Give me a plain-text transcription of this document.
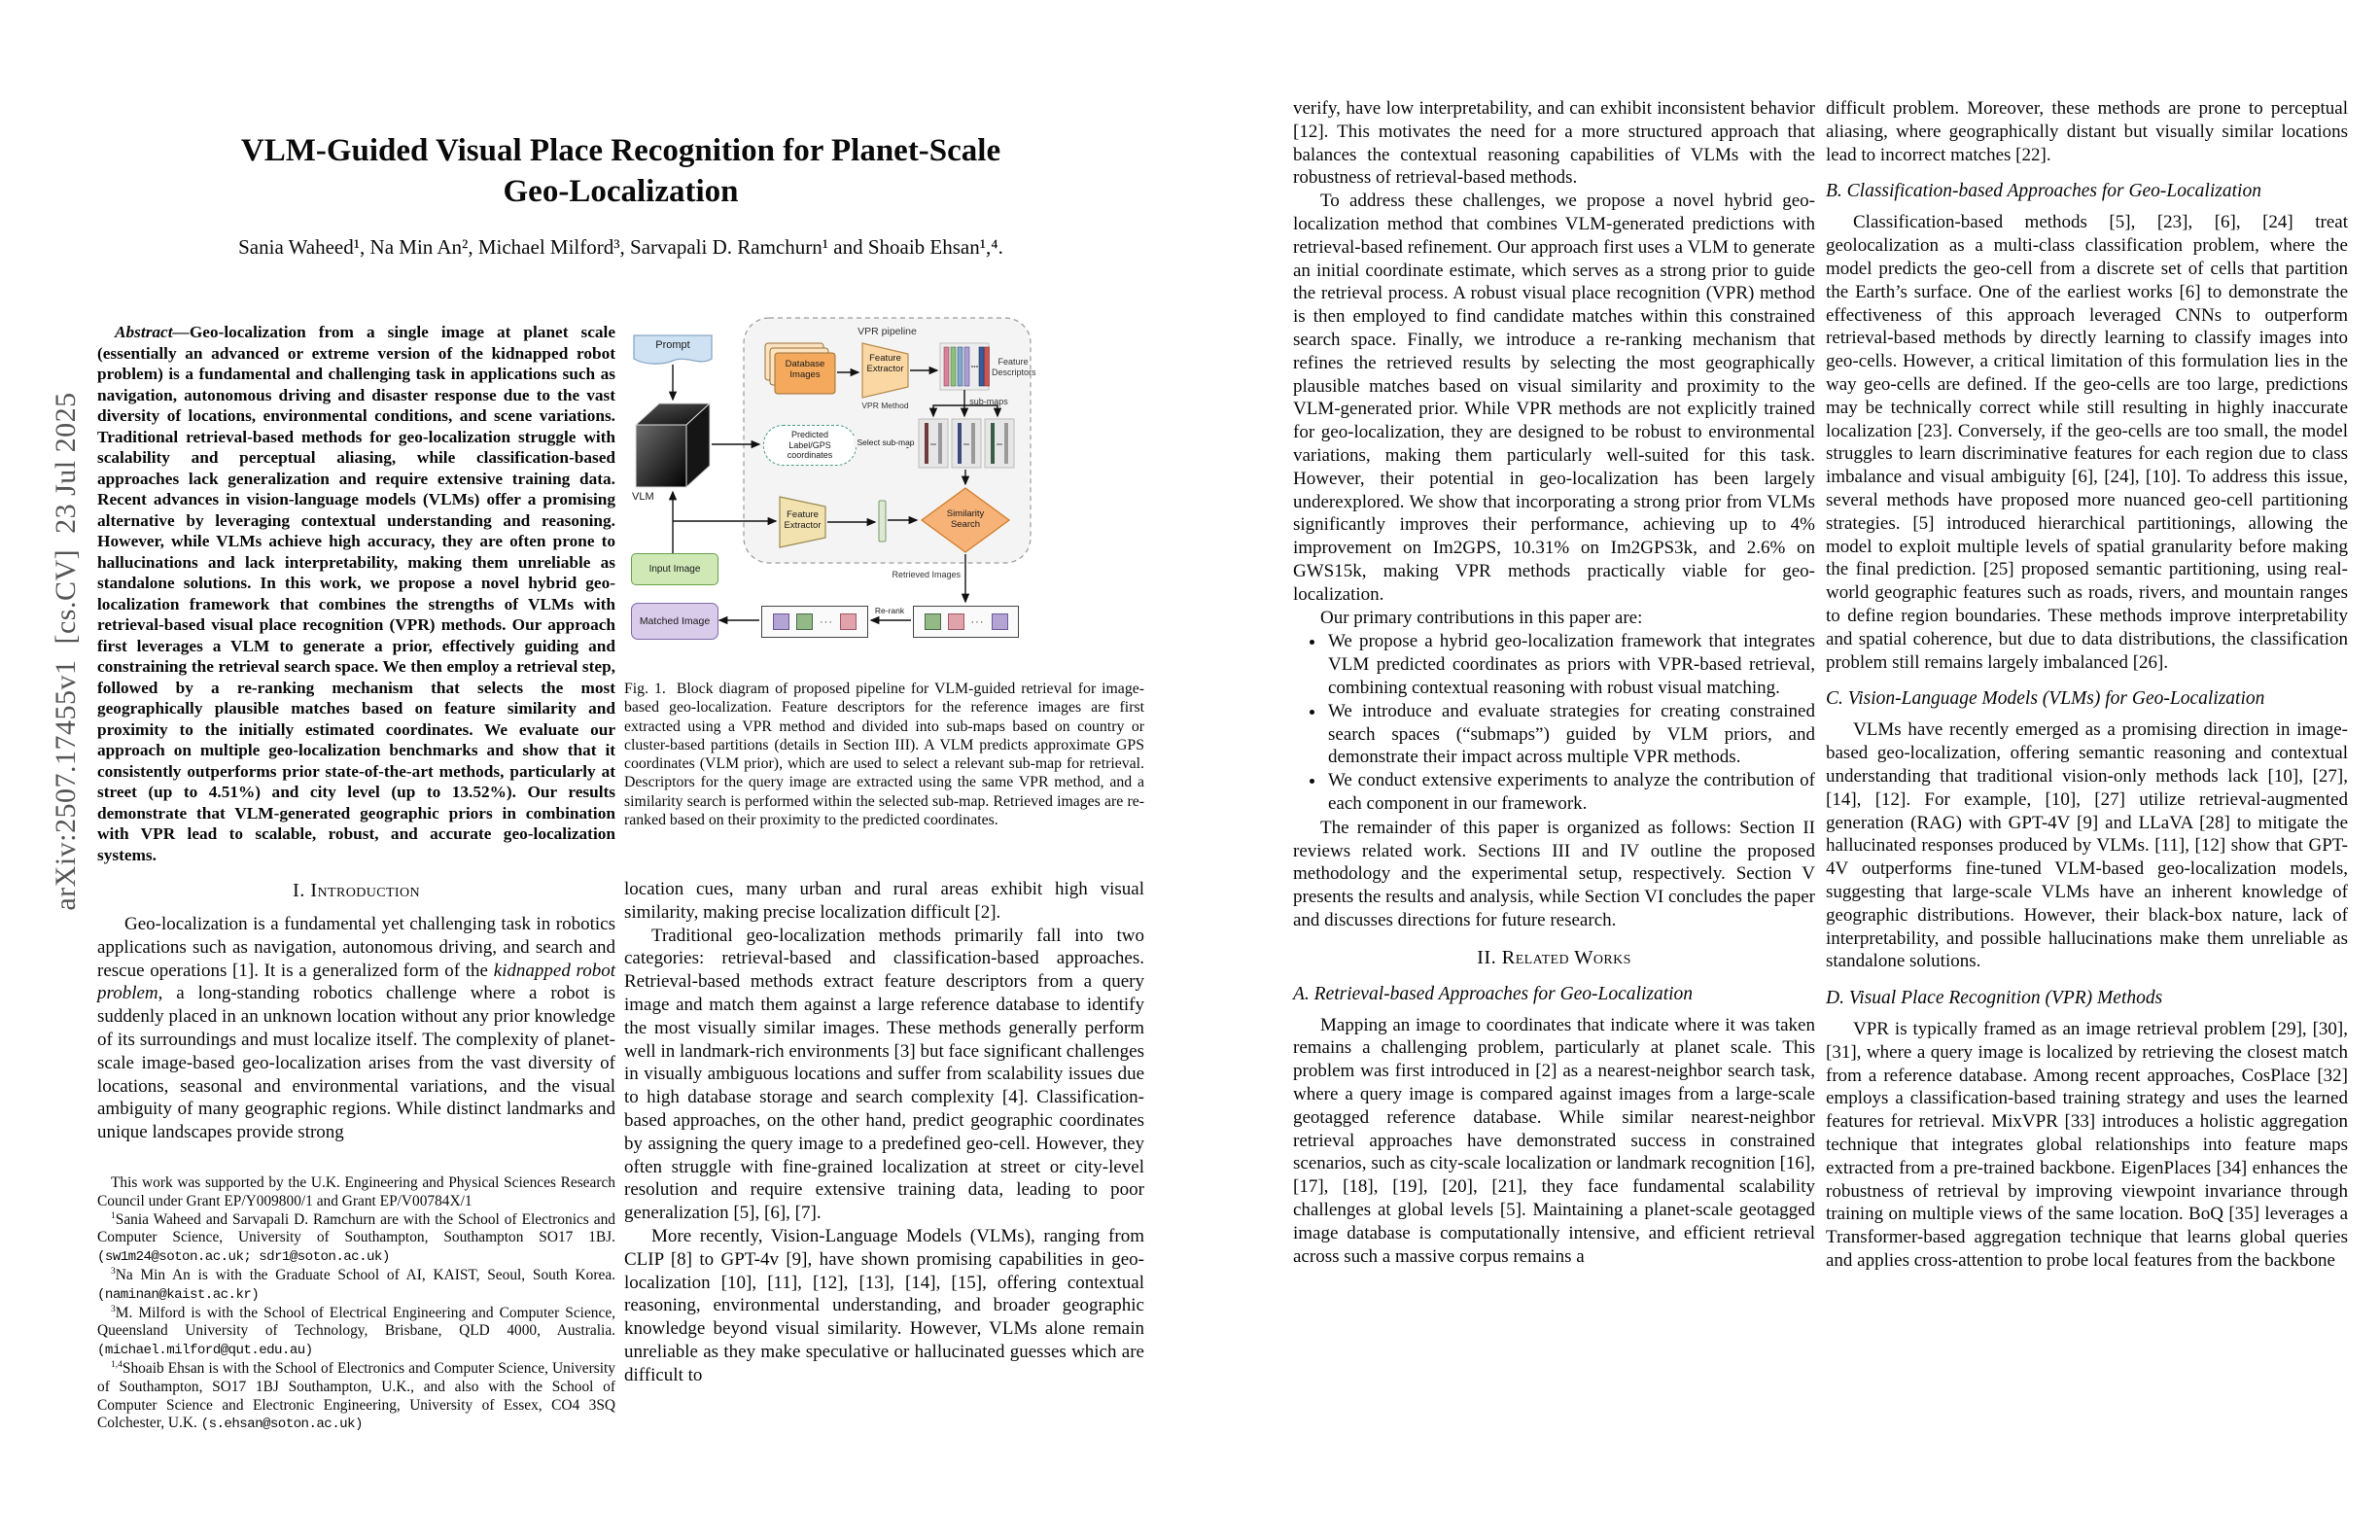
arXiv:2507.17455v1  [cs.CV]  23 Jul 2025
VLM-Guided Visual Place Recognition for Planet-Scale
Geo-Localization
Sania Waheed¹, Na Min An², Michael Milford³, Sarvapali D. Ramchurn¹ and Shoaib Ehsan¹,⁴.

Abstract—Geo-localization from a single image at planet scale (essentially an advanced or extreme version of the kidnapped robot problem) is a fundamental and challenging task in applications such as navigation, autonomous driving and disaster response due to the vast diversity of locations, environmental conditions, and scene variations. Traditional retrieval-based methods for geo-localization struggle with scalability and perceptual aliasing, while classification-based approaches lack generalization and require extensive training data. Recent advances in vision-language models (VLMs) offer a promising alternative by leveraging contextual understanding and reasoning. However, while VLMs achieve high accuracy, they are often prone to hallucinations and lack interpretability, making them unreliable as standalone solutions. In this work, we propose a novel hybrid geo-localization framework that combines the strengths of VLMs with retrieval-based visual place recognition (VPR) methods. Our approach first leverages a VLM to generate a prior, effectively guiding and constraining the retrieval search space. We then employ a retrieval step, followed by a re-ranking mechanism that selects the most geographically plausible matches based on feature similarity and proximity to the initially estimated coordinates. We evaluate our approach on multiple geo-localization benchmarks and show that it consistently outperforms prior state-of-the-art methods, particularly at street (up to 4.51%) and city level (up to 13.52%). Our results demonstrate that VLM-generated geographic priors in combination with VPR lead to scalable, robust, and accurate geo-localization systems.

I. Introduction

Geo-localization is a fundamental yet challenging task in robotics applications such as navigation, autonomous driving, and search and rescue operations [1]. It is a generalized form of the kidnapped robot problem, a long-standing robotics challenge where a robot is suddenly placed in an unknown location without any prior knowledge of its surroundings and must localize itself. The complexity of planet-scale image-based geo-localization arises from the vast diversity of locations, seasonal and environmental variations, and the visual ambiguity of many geographic regions. While distinct landmarks and unique landscapes provide strong

This work was supported by the U.K. Engineering and Physical Sciences Research Council under Grant EP/Y009800/1 and Grant EP/V00784X/1

$^1$Sania Waheed and Sarvapali D. Ramchurn are with the School of Electronics and Computer Science, University of Southampton, Southampton SO17 1BJ. (sw1m24@soton.ac.uk; sdr1@soton.ac.uk)

$^3$Na Min An is with the Graduate School of AI, KAIST, Seoul, South Korea. (naminan@kaist.ac.kr)

$^3$M. Milford is with the School of Electrical Engineering and Computer Science, Queensland University of Technology, Brisbane, QLD 4000, Australia. (michael.milford@qut.edu.au)

$^{1,4}$Shoaib Ehsan is with the School of Electronics and Computer Science, University of Southampton, SO17 1BJ Southampton, U.K., and also with the School of Computer Science and Electronic Engineering, University of Essex, CO4 3SQ Colchester, U.K. (s.ehsan@soton.ac.uk)

VPR pipeline
Prompt
VLM
Database Images
Feature Extractor
VPR Method
Feature Descriptors
sub-maps
Predicted Label/GPS coordinates
Select sub-map
Feature Extractor
Similarity Search
Retrieved Images
Re-rank
Input Image
Matched Image	···
···
Fig. 1. Block diagram of proposed pipeline for VLM-guided retrieval for image-based geo-localization. Feature descriptors for the reference images are first extracted using a VPR method and divided into sub-maps based on country or cluster-based partitions (details in Section III). A VLM predicts approximate GPS coordinates (VLM prior), which are used to select a relevant sub-map for retrieval. Descriptors for the query image are extracted using the same VPR method, and a similarity search is performed within the selected sub-map. Retrieved images are re-ranked based on their proximity to the predicted coordinates.

location cues, many urban and rural areas exhibit high visual similarity, making precise localization difficult [2].

Traditional geo-localization methods primarily fall into two categories: retrieval-based and classification-based approaches. Retrieval-based methods extract feature descriptors from a query image and match them against a large reference database to identify the most visually similar images. These methods generally perform well in landmark-rich environments [3] but face significant challenges in visually ambiguous locations and suffer from scalability issues due to high database storage and search complexity [4]. Classification-based approaches, on the other hand, predict geographic coordinates by assigning the query image to a predefined geo-cell. However, they often struggle with fine-grained localization at street or city-level resolution and require extensive training data, leading to poor generalization [5], [6], [7].

More recently, Vision-Language Models (VLMs), ranging from CLIP [8] to GPT-4v [9], have shown promising capabilities in geo-localization [10], [11], [12], [13], [14], [15], offering contextual reasoning, environmental understanding, and broader geographic knowledge beyond visual similarity. However, VLMs alone remain unreliable as they make speculative or hallucinated guesses which are difficult to

verify, have low interpretability, and can exhibit inconsistent behavior [12]. This motivates the need for a more structured approach that balances the contextual reasoning capabilities of VLMs with the robustness of retrieval-based methods.

To address these challenges, we propose a novel hybrid geo-localization method that combines VLM-generated predictions with retrieval-based refinement. Our approach first uses a VLM to generate an initial coordinate estimate, which serves as a strong prior to guide the retrieval process. A robust visual place recognition (VPR) method is then employed to find candidate matches within this constrained search space. Finally, we introduce a re-ranking mechanism that refines the retrieved results by selecting the most geographically plausible matches based on visual similarity and proximity to the VLM-generated prior. While VPR methods are not explicitly trained for geo-localization, they are designed to be robust to environmental variations, making them particularly well-suited for this task. However, their potential in geo-localization has been largely underexplored. We show that incorporating a strong prior from VLMs significantly improves their performance, achieving up to 4% improvement on Im2GPS, 10.31% on Im2GPS3k, and 2.6% on GWS15k, making VPR methods practically viable for geo-localization.

Our primary contributions in this paper are:

• We propose a hybrid geo-localization framework that integrates VLM predicted coordinates as priors with VPR-based retrieval, combining contextual reasoning with robust visual matching.
• We introduce and evaluate strategies for creating constrained search spaces (“submaps”) guided by VLM priors, and demonstrate their impact across multiple VPR methods.
• We conduct extensive experiments to analyze the contribution of each component in our framework.

The remainder of this paper is organized as follows: Section II reviews related work. Sections III and IV outline the proposed methodology and the experimental setup, respectively. Section V presents the results and analysis, while Section VI concludes the paper and discusses directions for future research.

II. Related Works
A. Retrieval-based Approaches for Geo-Localization

Mapping an image to coordinates that indicate where it was taken remains a challenging problem, particularly at planet scale. This problem was first introduced in [2] as a nearest-neighbor search task, where a query image is compared against images from a large-scale geotagged reference database. While similar nearest-neighbor retrieval approaches have demonstrated success in constrained scenarios, such as city-scale localization or landmark recognition [16], [17], [18], [19], [20], [21], they face fundamental scalability challenges at global levels [5]. Maintaining a planet-scale geotagged image database is computationally intensive, and efficient retrieval across such a massive corpus remains a

difficult problem. Moreover, these methods are prone to perceptual aliasing, where geographically distant but visually similar locations lead to incorrect matches [22].

B. Classification-based Approaches for Geo-Localization

Classification-based methods [5], [23], [6], [24] treat geolocalization as a multi-class classification problem, where the model predicts the geo-cell from a discrete set of cells that partition the Earth’s surface. One of the earliest works [6] to demonstrate the effectiveness of this approach leveraged CNNs to outperform retrieval-based methods by directly learning to classify images into geo-cells. However, a critical limitation of this formulation lies in the way geo-cells are defined. If the geo-cells are too large, predictions may be technically correct while still resulting in highly inaccurate localization [23]. Conversely, if the geo-cells are too small, the model struggles to learn discriminative features for each region due to class imbalance and visual ambiguity [6], [24], [10]. To address this issue, several methods have proposed more nuanced geo-cell partitioning strategies. [5] introduced hierarchical partitionings, allowing the model to exploit multiple levels of spatial granularity before making the final prediction. [25] proposed semantic partitioning, using real-world geographic features such as roads, rivers, and mountain ranges to define region boundaries. These methods improve interpretability and spatial coherence, but due to data distributions, the classification problem still remains largely imbalanced [26].

C. Vision-Language Models (VLMs) for Geo-Localization

VLMs have recently emerged as a promising direction in image-based geo-localization, offering semantic reasoning and contextual understanding that traditional vision-only methods lack [10], [27], [14], [12]. For example, [10], [27] utilize retrieval-augmented generation (RAG) with GPT-4V [9] and LLaVA [28] to mitigate the hallucinated responses produced by VLMs. [11], [12] show that GPT-4V outperforms fine-tuned VLM-based geo-localization models, suggesting that large-scale VLMs have an inherent knowledge of geographic distributions. However, their black-box nature, lack of interpretability, and possible hallucinations make them unreliable as standalone solutions.

D. Visual Place Recognition (VPR) Methods

VPR is typically framed as an image retrieval problem [29], [30], [31], where a query image is localized by retrieving the closest match from a reference database. Among recent approaches, CosPlace [32] employs a classification-based training strategy and uses the learned features for retrieval. MixVPR [33] introduces a holistic aggregation technique that integrates global relationships into feature maps extracted from a pre-trained backbone. EigenPlaces [34] enhances the robustness of retrieval by improving viewpoint invariance through training on multiple views of the same location. BoQ [35] leverages a Transformer-based aggregation technique that learns global queries and applies cross-attention to probe local features from the backbone
